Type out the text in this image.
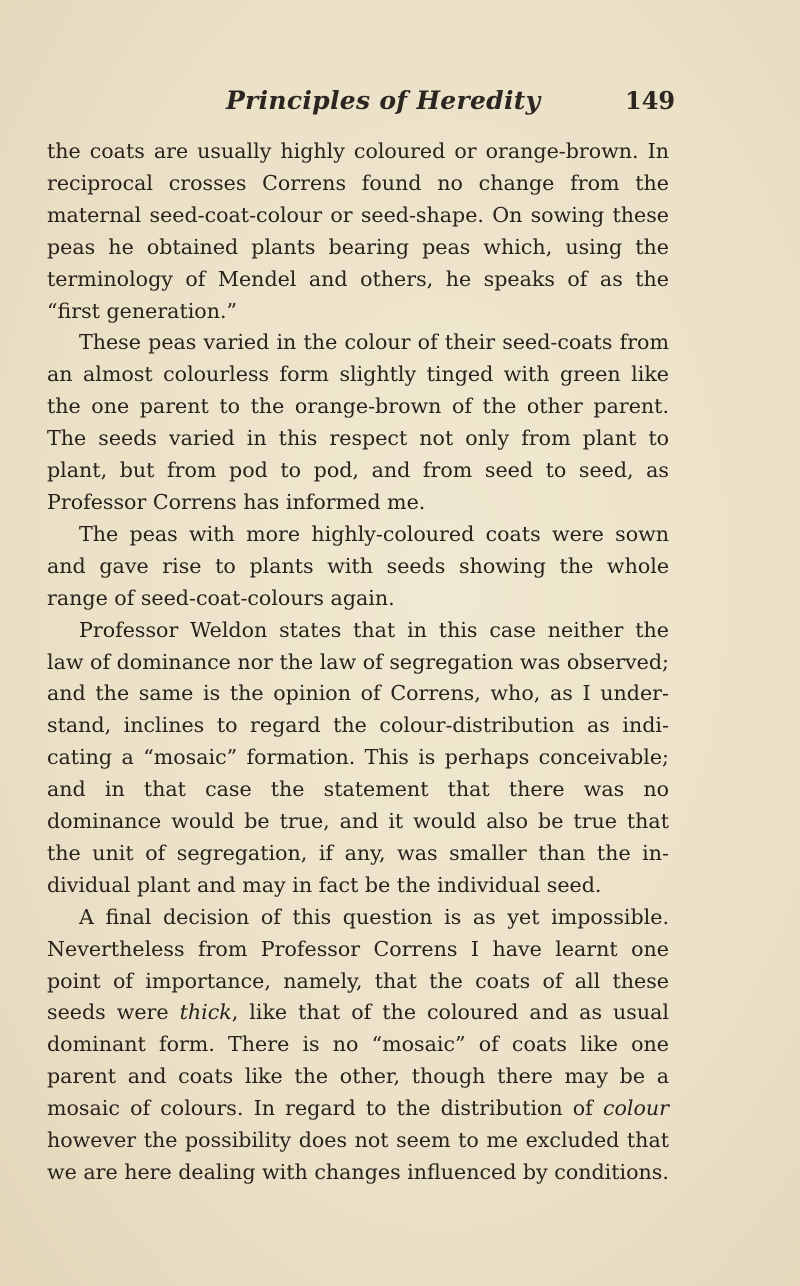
Principles of Heredity	149

the coats are usually highly coloured or orange-brown. In reciprocal crosses Correns found no change from the maternal seed-coat-colour or seed-shape. On sowing these peas he obtained plants bearing peas which, using the terminology of Mendel and others, he speaks of as the “first generation.”

These peas varied in the colour of their seed-coats from an almost colourless form slightly tinged with green like the one parent to the orange-brown of the other parent. The seeds varied in this respect not only from plant to plant, but from pod to pod, and from seed to seed, as Professor Correns has informed me.

The peas with more highly-coloured coats were sown and gave rise to plants with seeds showing the whole range of seed-coat-colours again.

Professor Weldon states that in this case neither the law of dominance nor the law of segregation was observed; and the same is the opinion of Correns, who, as I understand, inclines to regard the colour-distribution as indicating a “mosaic” formation. This is perhaps conceivable; and in that case the statement that there was no dominance would be true, and it would also be true that the unit of segregation, if any, was smaller than the individual plant and may in fact be the individual seed.

A final decision of this question is as yet impossible. Nevertheless from Professor Correns I have learnt one point of importance, namely, that the coats of all these seeds were thick, like that of the coloured and as usual dominant form. There is no “mosaic” of coats like one parent and coats like the other, though there may be a mosaic of colours. In regard to the distribution of colour however the possibility does not seem to me excluded that we are here dealing with changes influenced by conditions.
